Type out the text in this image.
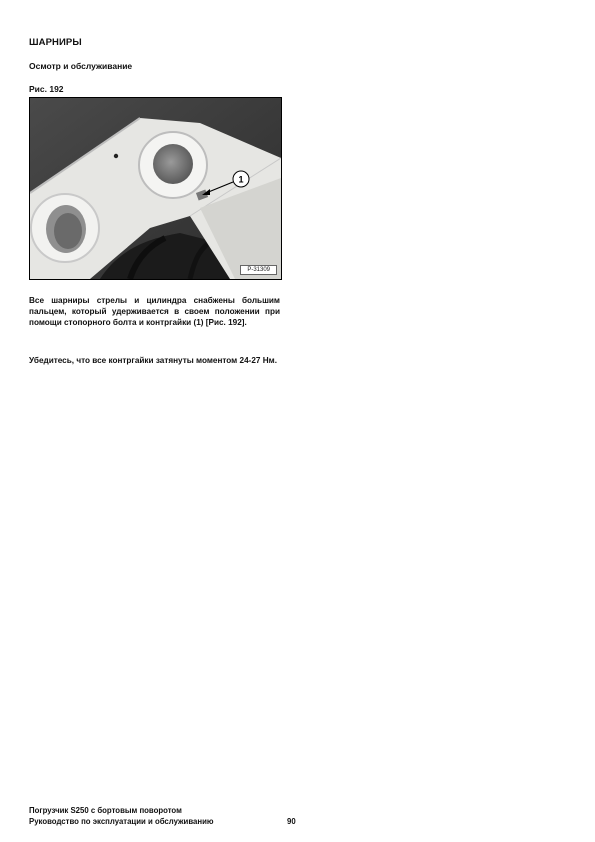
ШАРНИРЫ
Осмотр и обслуживание
Рис. 192
1
P-31309
Все шарниры стрелы и цилиндра снабжены большим пальцем, который удерживается в своем положении при помощи стопорного болта и контргайки (1) [Рис. 192].
Убедитесь, что все контргайки затянуты моментом 24-27 Нм.
Погрузчик S250 с бортовым поворотом
Руководство по эксплуатации и обслуживанию	90
